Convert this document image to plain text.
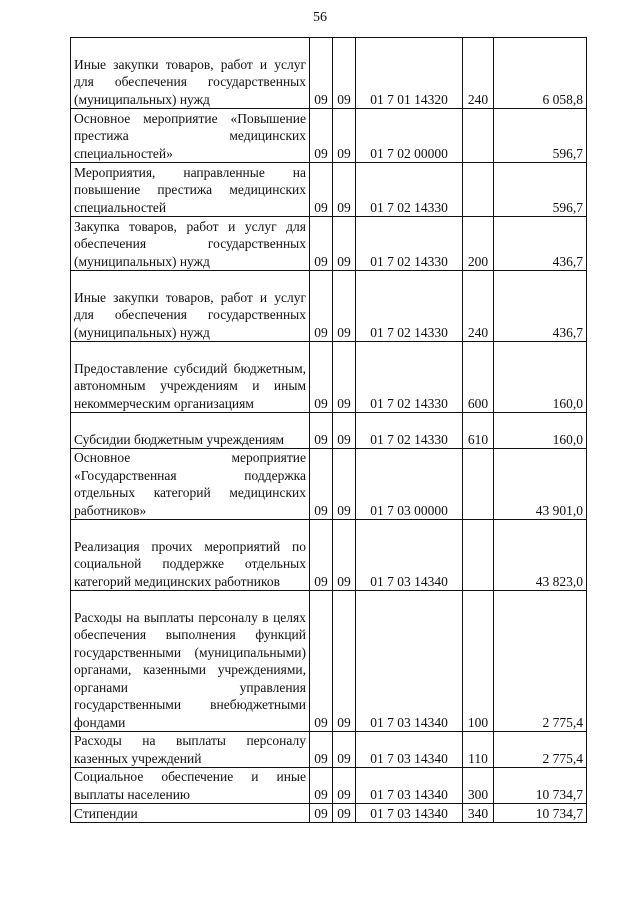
56
Иные закупки товаров, работ и услуг для обеспечения государственных (муниципальных) нужд	09	09	01 7 01 14320	240	6 058,8

Основное мероприятие «Повышение престижа медицинских специальностей»	09	09	01 7 02 00000		596,7

Мероприятия, направленные на повышение престижа медицинских специальностей	09	09	01 7 02 14330		596,7

Закупка товаров, работ и услуг для обеспечения государственных (муниципальных) нужд	09	09	01 7 02 14330	200	436,7

Иные закупки товаров, работ и услуг для обеспечения государственных (муниципальных) нужд	09	09	01 7 02 14330	240	436,7

Предоставление субсидий бюджетным, автономным учреждениям и иным некоммерческим организациям	09	09	01 7 02 14330	600	160,0

Субсидии бюджетным учреждениям	09	09	01 7 02 14330	610	160,0

Основное мероприятие «Государственная поддержка отдельных категорий медицинских работников»	09	09	01 7 03 00000		43 901,0

Реализация прочих мероприятий по социальной поддержке отдельных категорий медицинских работников	09	09	01 7 03 14340		43 823,0

Расходы на выплаты персоналу в целях обеспечения выполнения функций государственными (муниципальными) органами, казенными учреждениями, органами управления государственными внебюджетными фондами	09	09	01 7 03 14340	100	2 775,4

Расходы на выплаты персоналу казенных учреждений	09	09	01 7 03 14340	110	2 775,4

Социальное обеспечение и иные выплаты населению	09	09	01 7 03 14340	300	10 734,7

Стипендии	09	09	01 7 03 14340	340	10 734,7
